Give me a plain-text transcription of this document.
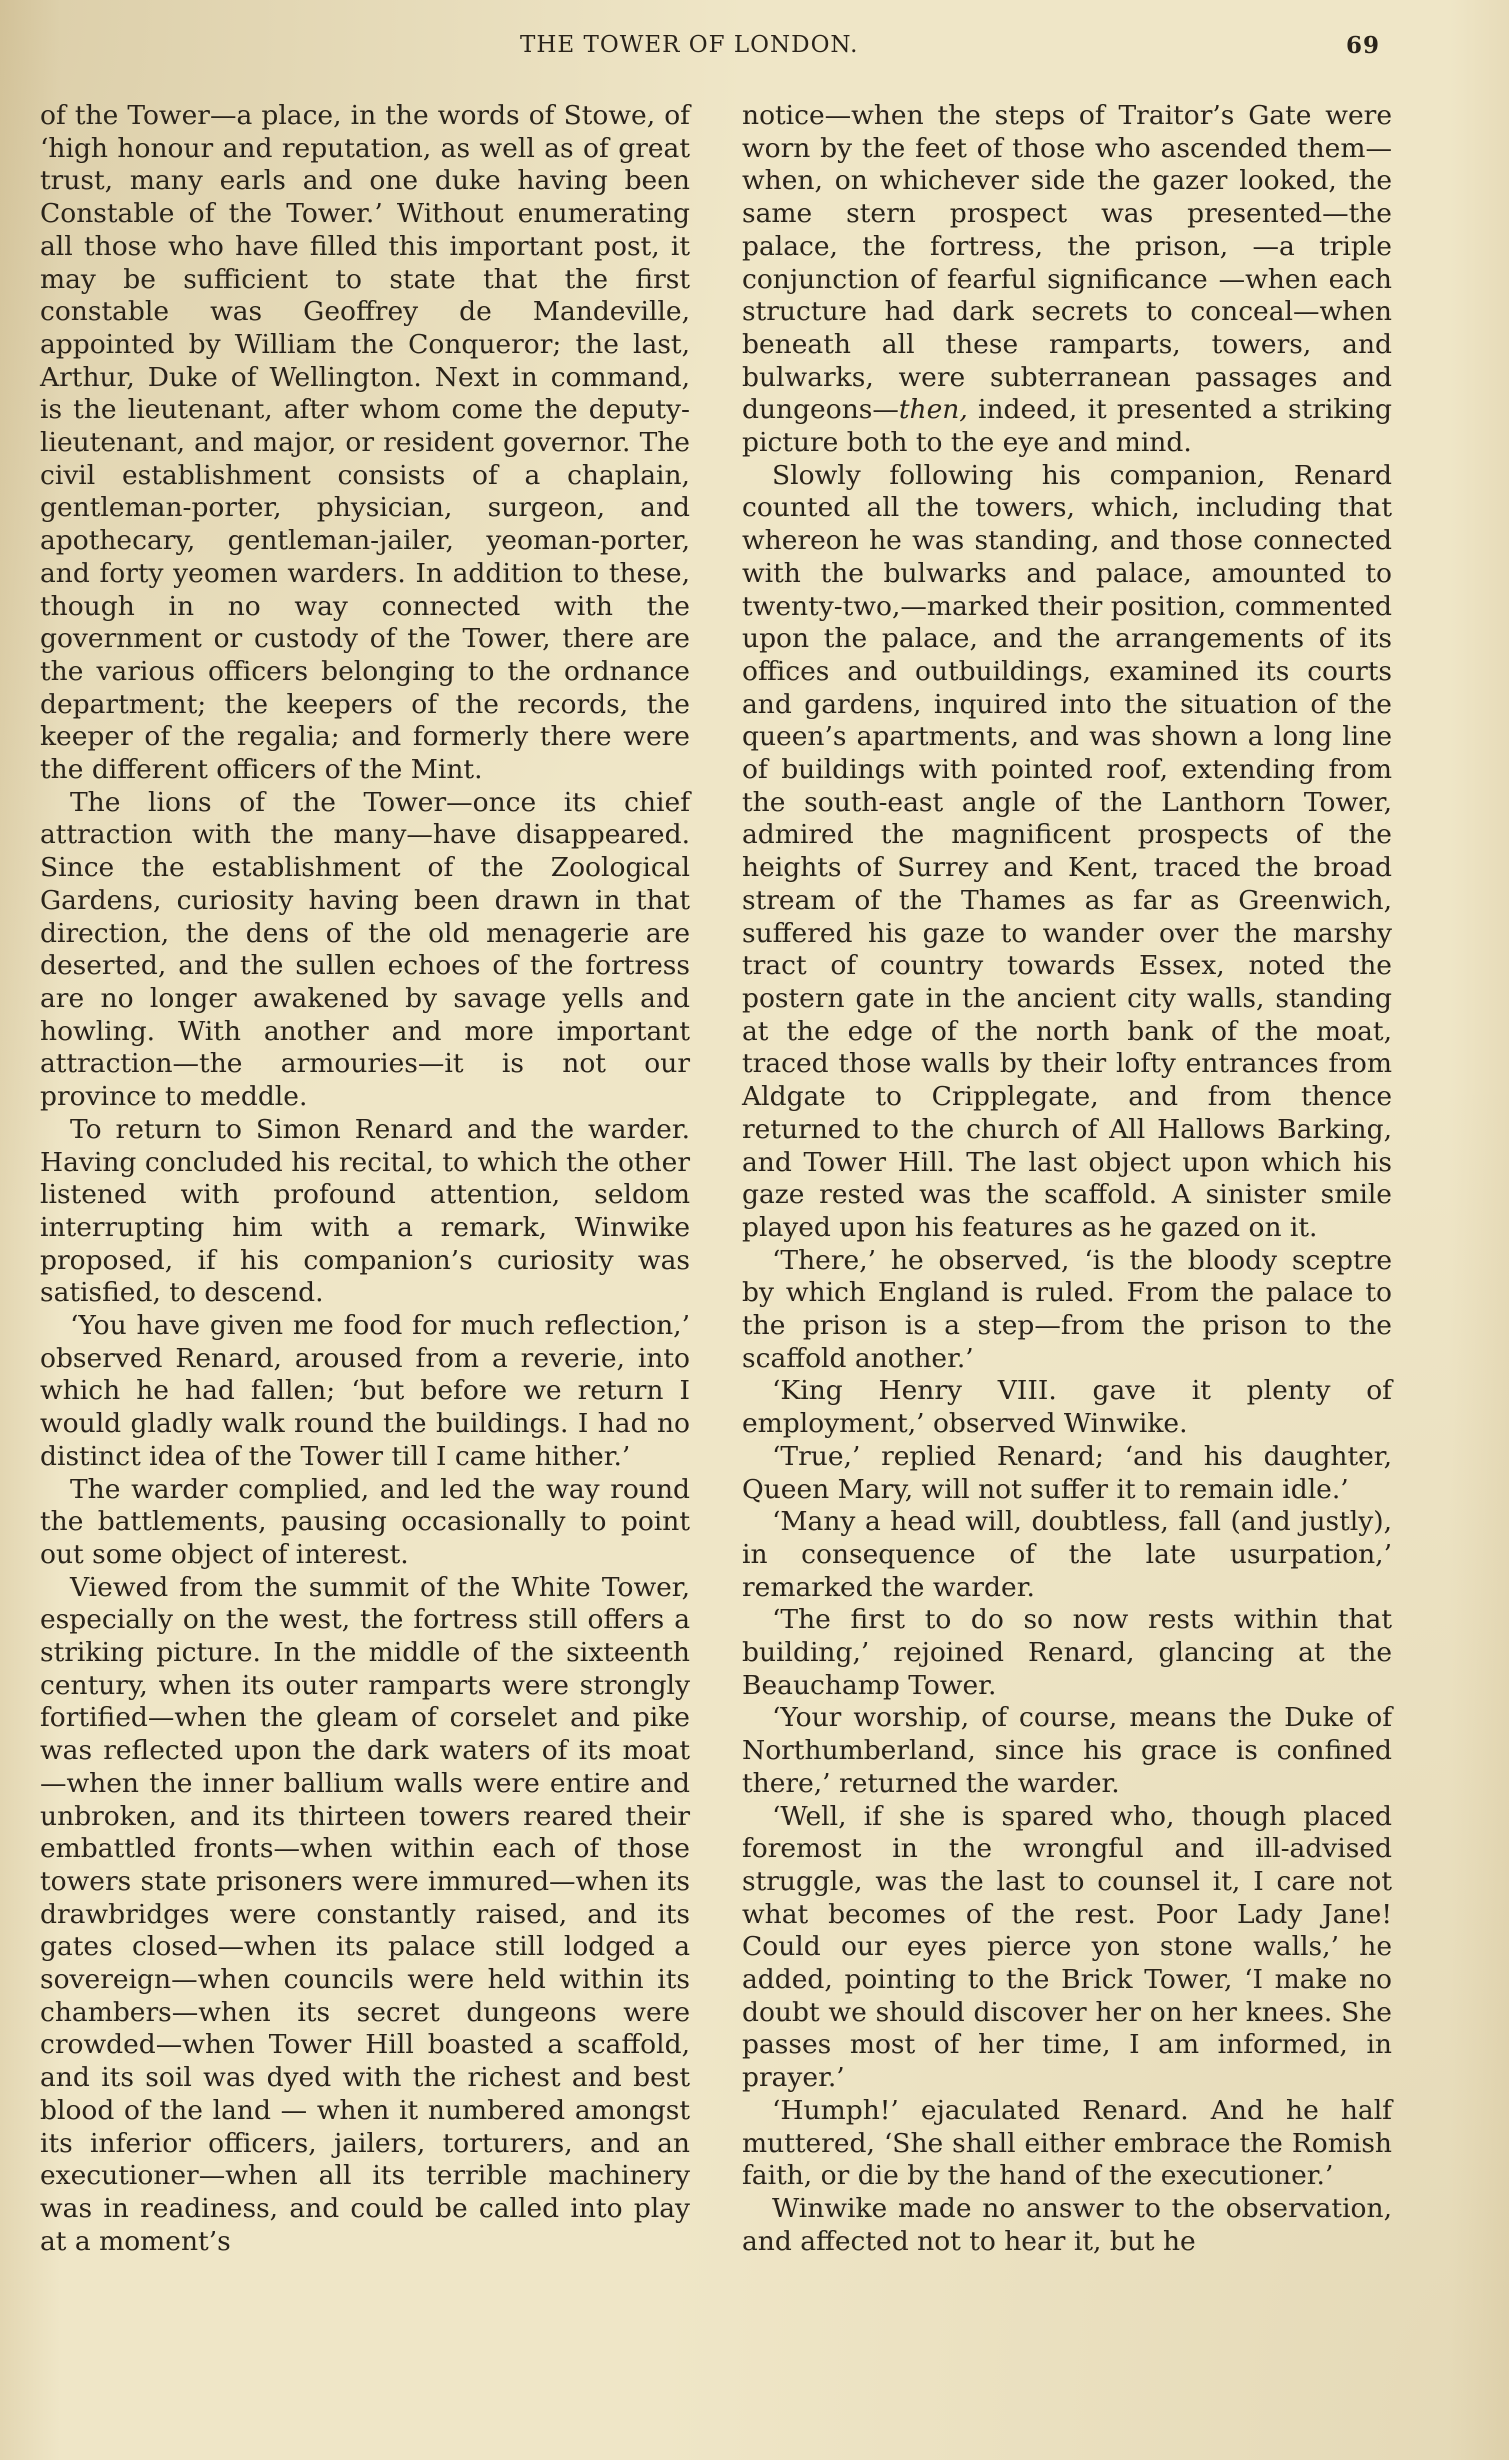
THE TOWER OF LONDON.	69

of the Tower—a place, in the words of Stowe, of ‘high honour and reputation, as well as of great trust, many earls and one duke having been Constable of the Tower.’ Without enumerating all those who have filled this important post, it may be sufficient to state that the first constable was Geoffrey de Mandeville, appointed by William the Conqueror; the last, Arthur, Duke of Wellington. Next in command, is the lieutenant, after whom come the deputy-lieutenant, and major, or resident governor. The civil establishment consists of a chaplain, gentleman-porter, physician, surgeon, and apothecary, gentleman-jailer, yeoman-porter, and forty yeomen warders. In addition to these, though in no way connected with the government or custody of the Tower, there are the various officers belonging to the ordnance department; the keepers of the records, the keeper of the regalia; and formerly there were the different officers of the Mint.

The lions of the Tower—once its chief attraction with the many—have disappeared. Since the establishment of the Zoological Gardens, curiosity having been drawn in that direction, the dens of the old menagerie are deserted, and the sullen echoes of the fortress are no longer awakened by savage yells and howling. With another and more important attraction—the armouries—it is not our province to meddle.

To return to Simon Renard and the warder. Having concluded his recital, to which the other listened with profound attention, seldom interrupting him with a remark, Winwike proposed, if his companion’s curiosity was satisfied, to descend.

‘You have given me food for much reflection,’ observed Renard, aroused from a reverie, into which he had fallen; ‘but before we return I would gladly walk round the buildings. I had no distinct idea of the Tower till I came hither.’

The warder complied, and led the way round the battlements, pausing occasionally to point out some object of interest.

Viewed from the summit of the White Tower, especially on the west, the fortress still offers a striking picture. In the middle of the sixteenth century, when its outer ramparts were strongly fortified—when the gleam of corselet and pike was reflected upon the dark waters of its moat—when the inner ballium walls were entire and unbroken, and its thirteen towers reared their embattled fronts—when within each of those towers state prisoners were immured—when its drawbridges were constantly raised, and its gates closed—when its palace still lodged a sovereign—when councils were held within its chambers—when its secret dungeons were crowded—when Tower Hill boasted a scaffold, and its soil was dyed with the richest and best blood of the land — when it numbered amongst its inferior officers, jailers, torturers, and an executioner—when all its terrible machinery was in readiness, and could be called into play at a moment’s

notice—when the steps of Traitor’s Gate were worn by the feet of those who ascended them—when, on whichever side the gazer looked, the same stern prospect was presented—the palace, the fortress, the prison, —a triple conjunction of fearful significance —when each structure had dark secrets to conceal—when beneath all these ramparts, towers, and bulwarks, were subterranean passages and dungeons—then, indeed, it presented a striking picture both to the eye and mind.

Slowly following his companion, Renard counted all the towers, which, including that whereon he was standing, and those connected with the bulwarks and palace, amounted to twenty-two,—marked their position, commented upon the palace, and the arrangements of its offices and outbuildings, examined its courts and gardens, inquired into the situation of the queen’s apartments, and was shown a long line of buildings with pointed roof, extending from the south-east angle of the Lanthorn Tower, admired the magnificent prospects of the heights of Surrey and Kent, traced the broad stream of the Thames as far as Greenwich, suffered his gaze to wander over the marshy tract of country towards Essex, noted the postern gate in the ancient city walls, standing at the edge of the north bank of the moat, traced those walls by their lofty entrances from Aldgate to Cripplegate, and from thence returned to the church of All Hallows Barking, and Tower Hill. The last object upon which his gaze rested was the scaffold. A sinister smile played upon his features as he gazed on it.

‘There,’ he observed, ‘is the bloody sceptre by which England is ruled. From the palace to the prison is a step—from the prison to the scaffold another.’

‘King Henry VIII. gave it plenty of employment,’ observed Winwike.

‘True,’ replied Renard; ‘and his daughter, Queen Mary, will not suffer it to remain idle.’

‘Many a head will, doubtless, fall (and justly), in consequence of the late usurpation,’ remarked the warder.

‘The first to do so now rests within that building,’ rejoined Renard, glancing at the Beauchamp Tower.

‘Your worship, of course, means the Duke of Northumberland, since his grace is confined there,’ returned the warder.

‘Well, if she is spared who, though placed foremost in the wrongful and ill-advised struggle, was the last to counsel it, I care not what becomes of the rest. Poor Lady Jane! Could our eyes pierce yon stone walls,’ he added, pointing to the Brick Tower, ‘I make no doubt we should discover her on her knees. She passes most of her time, I am informed, in prayer.’

‘Humph!’ ejaculated Renard. And he half muttered, ‘She shall either embrace the Romish faith, or die by the hand of the executioner.’

Winwike made no answer to the observation, and affected not to hear it, but he
